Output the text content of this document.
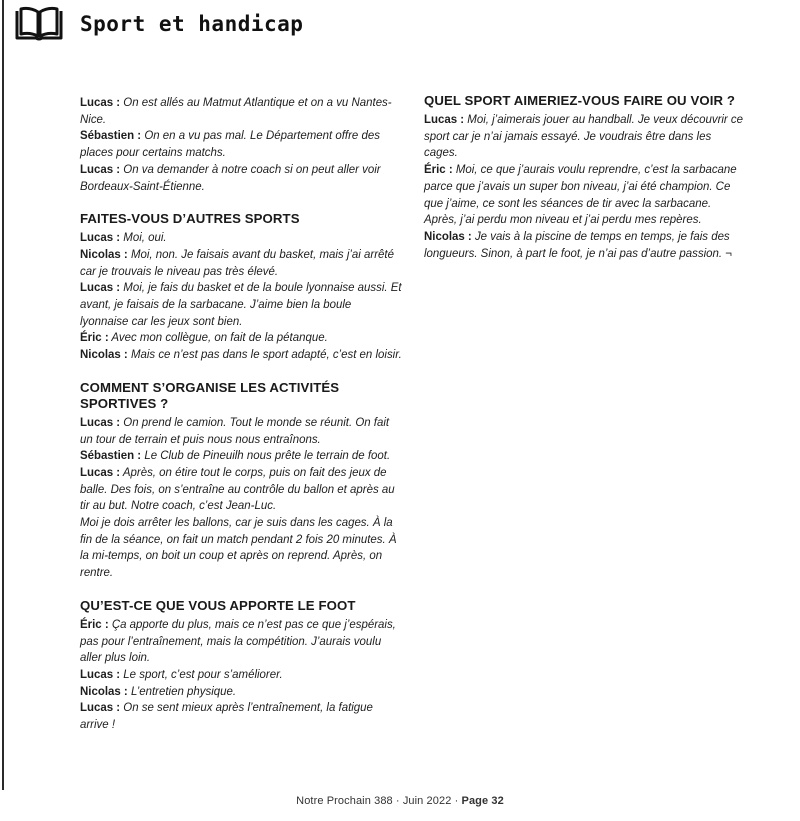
Sport et handicap

Lucas : On est allés au Matmut Atlantique et on a vu Nantes-Nice.

Sébastien : On en a vu pas mal. Le Département offre des places pour certains matchs.

Lucas : On va demander à notre coach si on peut aller voir Bordeaux-Saint-Étienne.

FAITES-VOUS D’AUTRES SPORTS

Lucas : Moi, oui.

Nicolas : Moi, non. Je faisais avant du basket, mais j’ai arrêté car je trouvais le niveau pas très élevé.

Lucas : Moi, je fais du basket et de la boule lyonnaise aussi. Et avant, je faisais de la sarbacane. J’aime bien la boule lyonnaise car les jeux sont bien.

Éric : Avec mon collègue, on fait de la pétanque.

Nicolas : Mais ce n’est pas dans le sport adapté, c’est en loisir.

COMMENT S’ORGANISE LES ACTIVITÉS SPORTIVES ?

Lucas : On prend le camion. Tout le monde se réunit. On fait un tour de terrain et puis nous nous entraînons.

Sébastien : Le Club de Pineuilh nous prête le terrain de foot.

Lucas : Après, on étire tout le corps, puis on fait des jeux de balle. Des fois, on s’entraîne au contrôle du ballon et après au tir au but. Notre coach, c’est Jean-Luc.

Moi je dois arrêter les ballons, car je suis dans les cages. À la fin de la séance, on fait un match pendant 2 fois 20 minutes. À la mi-temps, on boit un coup et après on reprend. Après, on rentre.

QU’EST-CE QUE VOUS APPORTE LE FOOT

Éric : Ça apporte du plus, mais ce n’est pas ce que j’espérais, pas pour l’entraînement, mais la compétition. J’aurais voulu aller plus loin.

Lucas : Le sport, c’est pour s’améliorer.

Nicolas : L’entretien physique.

Lucas : On se sent mieux après l’entraînement, la fatigue arrive !

QUEL SPORT AIMERIEZ-VOUS FAIRE OU VOIR ?

Lucas : Moi, j’aimerais jouer au handball. Je veux découvrir ce sport car je n’ai jamais essayé. Je voudrais être dans les cages.

Éric : Moi, ce que j’aurais voulu reprendre, c’est la sarbacane parce que j’avais un super bon niveau, j’ai été champion. Ce que j’aime, ce sont les séances de tir avec la sarbacane. Après, j’ai perdu mon niveau et j’ai perdu mes repères.

Nicolas : Je vais à la piscine de temps en temps, je fais des longueurs. Sinon, à part le foot, je n’ai pas d’autre passion. ¬

Notre Prochain 388 · Juin 2022 · Page 32
